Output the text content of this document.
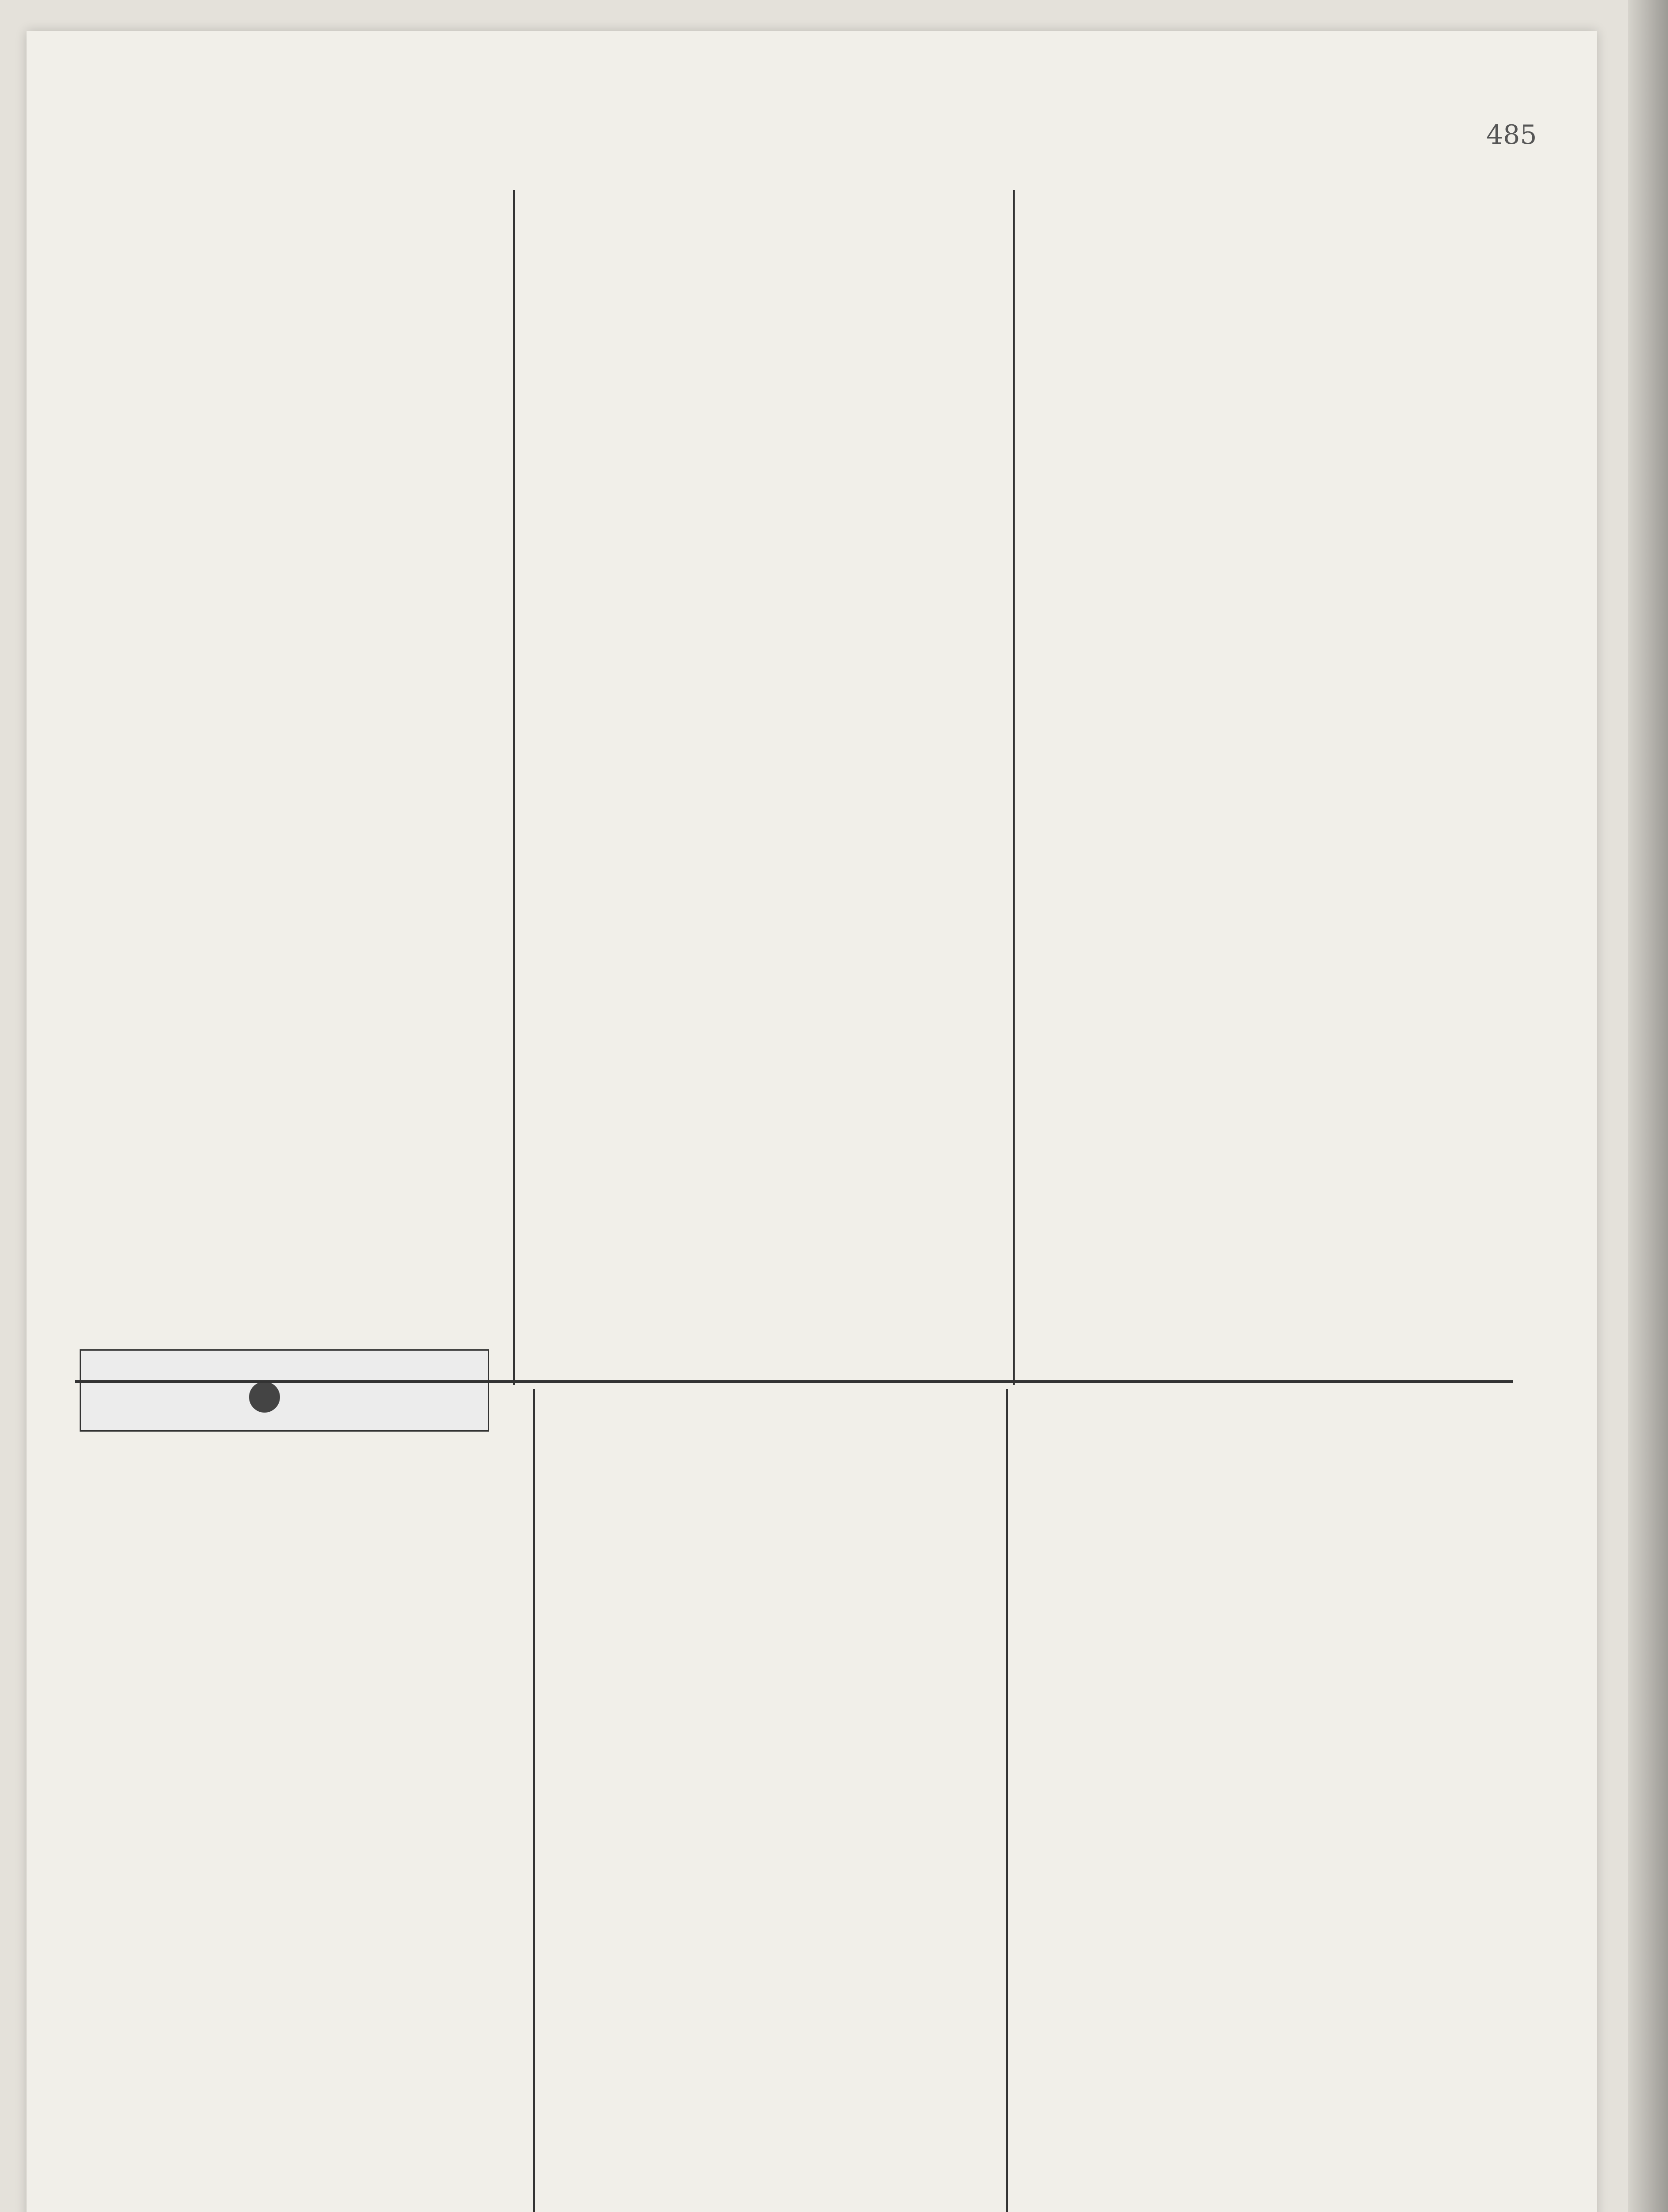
485
